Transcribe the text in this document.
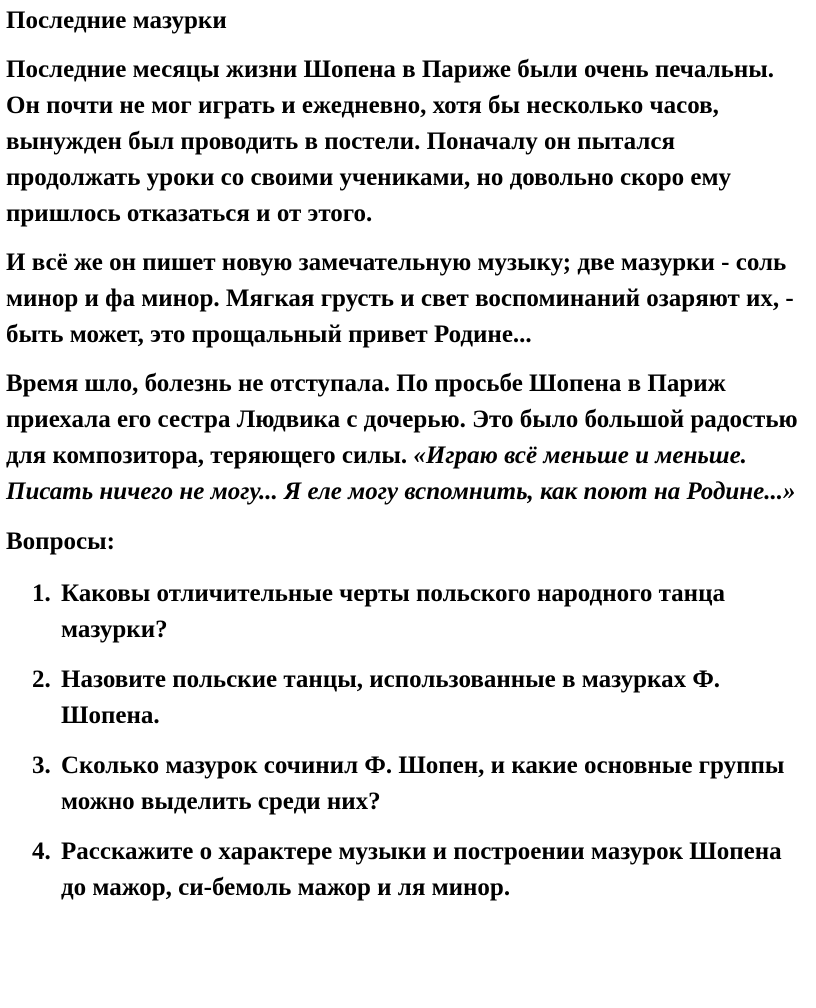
Последние мазурки

Последние месяцы жизни Шопена в Париже были очень печальны. Он почти не мог играть и ежедневно, хотя бы несколько часов, вынужден был проводить в постели. Поначалу он пытался продолжать уроки со своими учениками, но довольно скоро ему пришлось отказаться и от этого.

И всё же он пишет новую замечательную музыку; две мазурки - соль минор и фа минор. Мягкая грусть и свет воспоминаний озаряют их, - быть может, это прощальный привет Родине...

Время шло, болезнь не отступала. По просьбе Шопена в Париж приехала его сестра Людвика с дочерью. Это было большой радостью для композитора, теряющего силы. «Играю всё меньше и меньше. Писать ничего не могу... Я еле могу вспомнить, как поют на Родине...»

Вопросы:
1. Каковы отличительные черты польского народного танца мазурки?
2. Назовите польские танцы, использованные в мазурках Ф. Шопена.
3. Сколько мазурок сочинил Ф. Шопен, и какие основные группы можно выделить среди них?
4. Расскажите о характере музыки и построении мазурок Шопена до мажор, си-бемоль мажор и ля минор.
